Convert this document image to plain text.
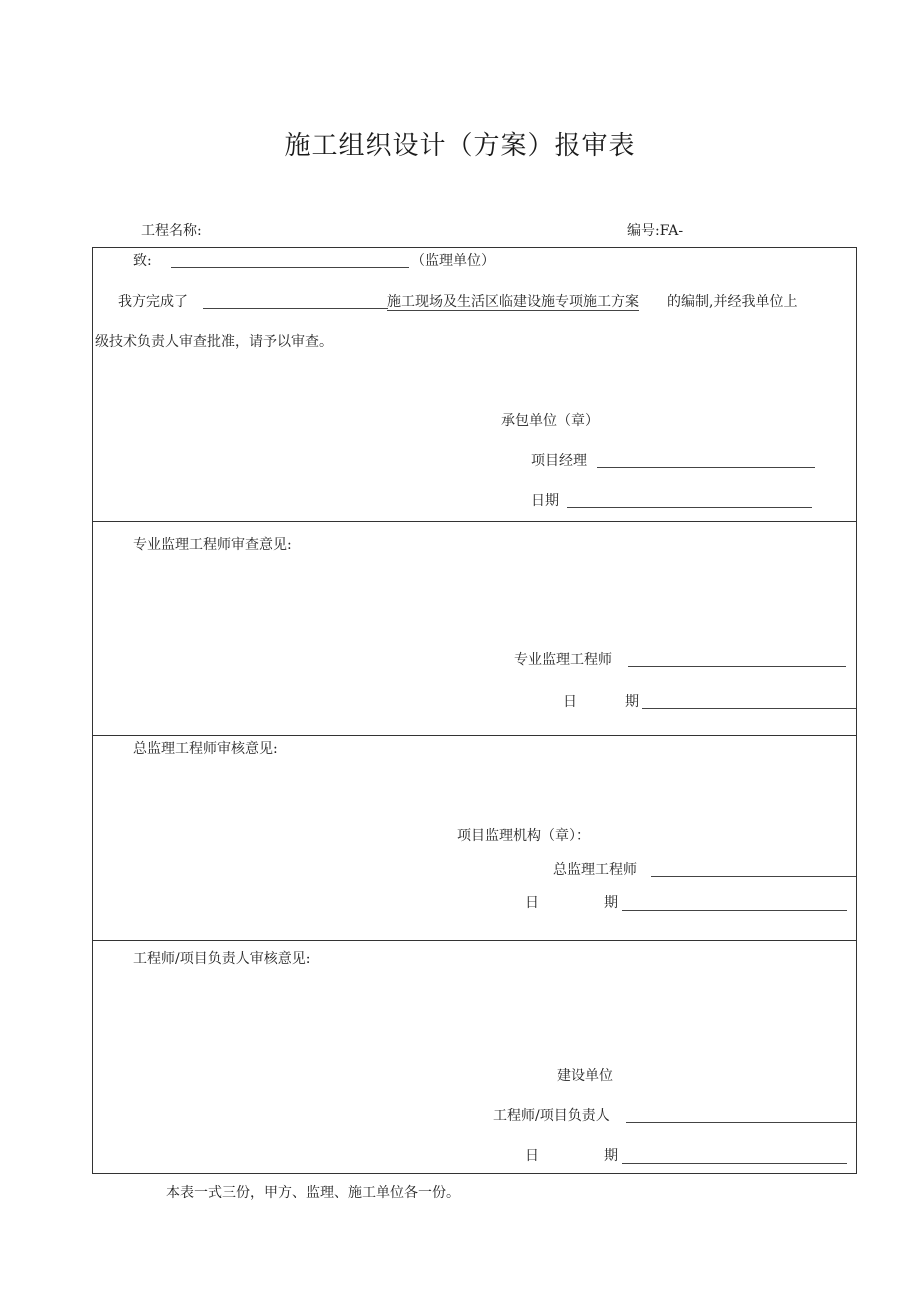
施工组织设计（方案）报审表
工程名称:	编号:FA-
致:	（监理单位）
我方完成了	施工现场及生活区临建设施专项施工方案 的编制,并经我单位上
级技术负责人审查批准，请予以审查。
承包单位（章）
项目经理
日期
专业监理工程师审查意见:
专业监理工程师
日	期
总监理工程师审核意见:
项目监理机构（章）：
总监理工程师
日	期
工程师/项目负责人审核意见:
建设单位
工程师/项目负责人
日	期
本表一式三份，甲方、监理、施工单位各一份。
